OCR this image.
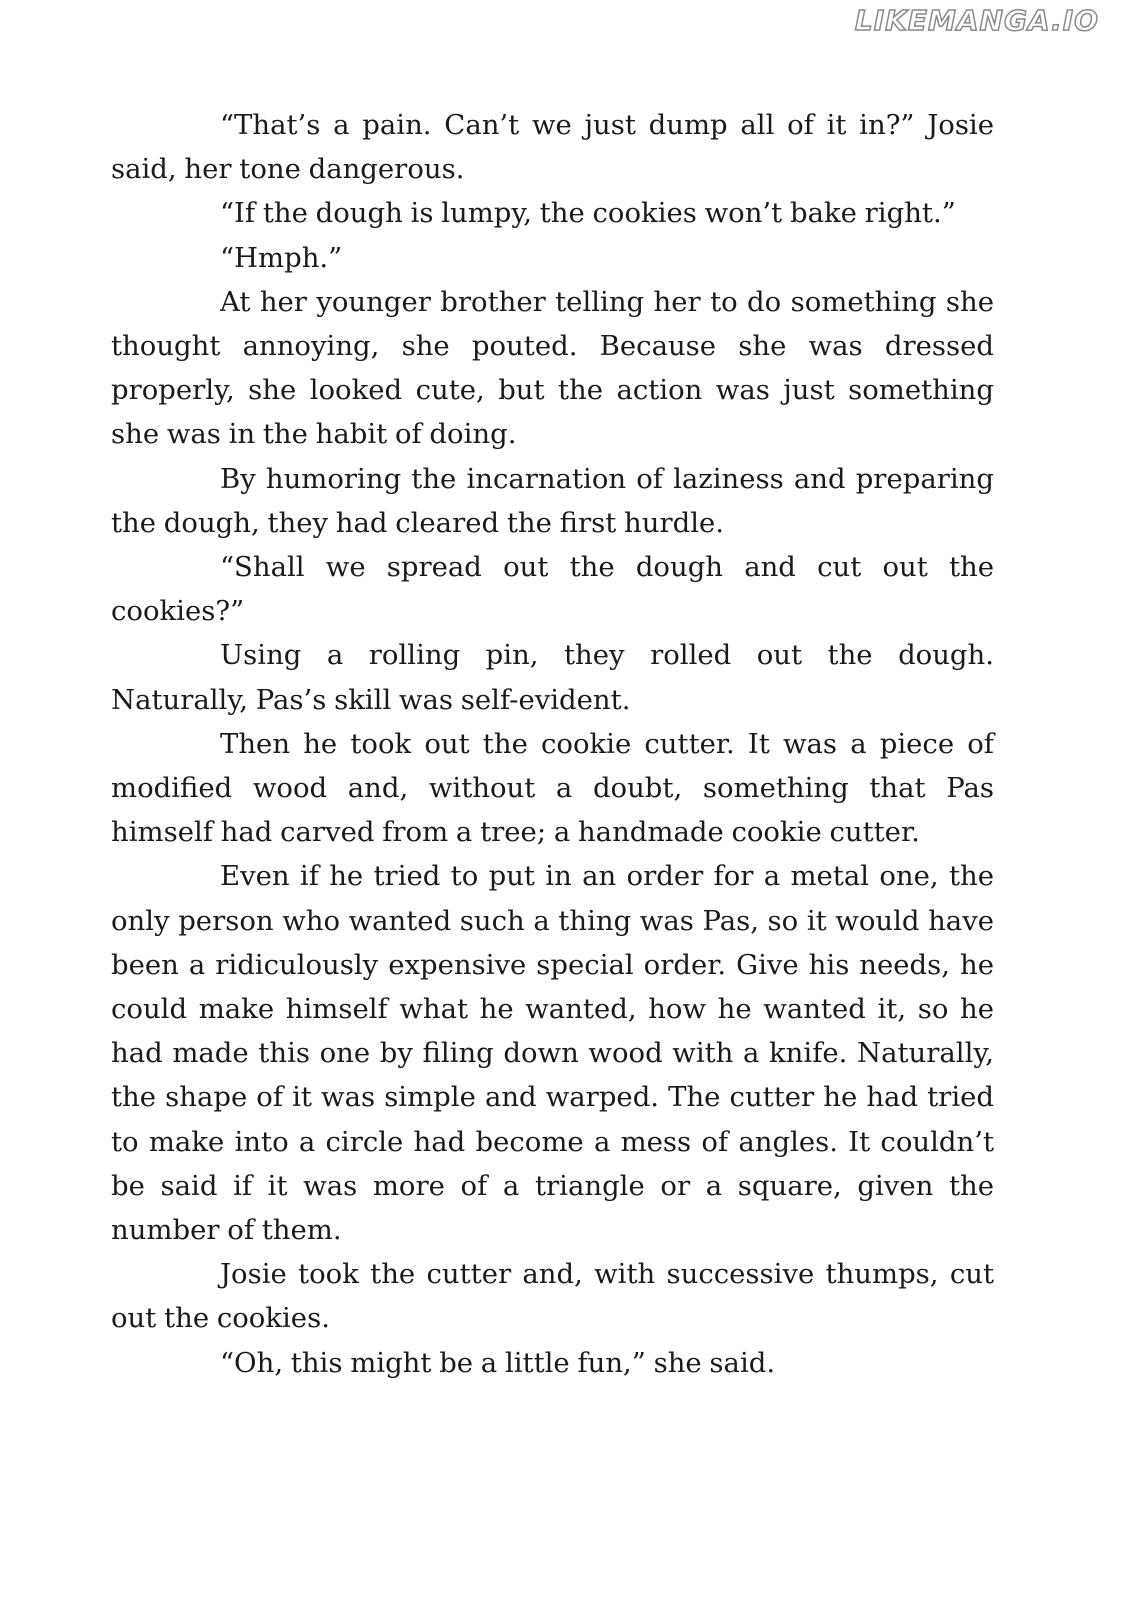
LIKEMANGA.IO

“That’s a pain. Can’t we just dump all of it in?” Josie said, her tone dangerous.

“If the dough is lumpy, the cookies won’t bake right.”

“Hmph.”

At her younger brother telling her to do something she thought annoying, she pouted. Because she was dressed properly, she looked cute, but the action was just something she was in the habit of doing.

By humoring the incarnation of laziness and preparing the dough, they had cleared the first hurdle.

“Shall we spread out the dough and cut out the cookies?”

Using a rolling pin, they rolled out the dough. Naturally, Pas’s skill was self-evident.

Then he took out the cookie cutter. It was a piece of modified wood and, without a doubt, something that Pas himself had carved from a tree; a handmade cookie cutter.

Even if he tried to put in an order for a metal one, the only person who wanted such a thing was Pas, so it would have been a ridiculously expensive special order. Give his needs, he could make himself what he wanted, how he wanted it, so he had made this one by filing down wood with a knife. Naturally, the shape of it was simple and warped. The cutter he had tried to make into a circle had become a mess of angles. It couldn’t be said if it was more of a triangle or a square, given the number of them.

Josie took the cutter and, with successive thumps, cut out the cookies.

“Oh, this might be a little fun,” she said.
